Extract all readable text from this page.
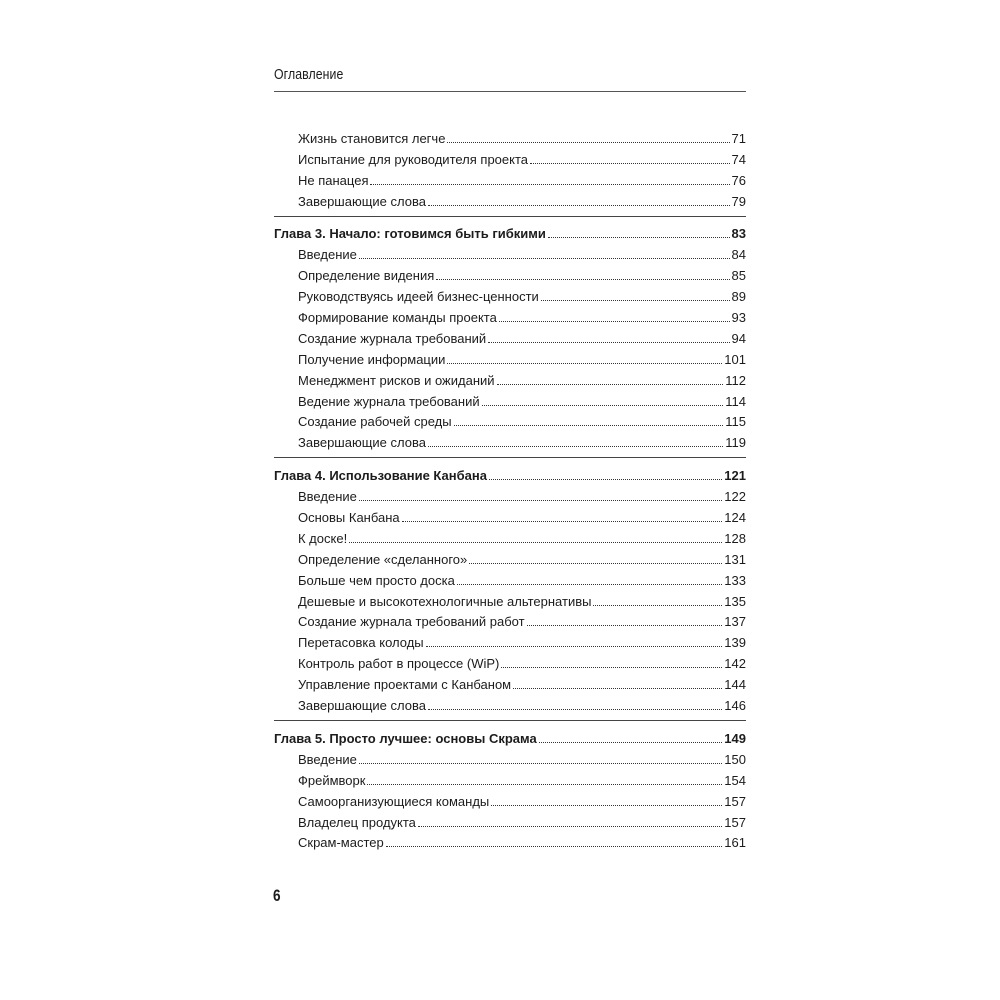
Оглавление
Жизнь становится легче	71
Испытание для руководителя проекта	74
Не панацея	76
Завершающие слова	79
Глава 3. Начало: готовимся быть гибкими	83
Введение	84
Определение видения	85
Руководствуясь идеей бизнес-ценности	89
Формирование команды проекта	93
Создание журнала требований	94
Получение информации	101
Менеджмент рисков и ожиданий	112
Ведение журнала требований	114
Создание рабочей среды	115
Завершающие слова	119
Глава 4. Использование Канбана	121
Введение	122
Основы Канбана	124
К доске!	128
Определение «сделанного»	131
Больше чем просто доска	133
Дешевые и высокотехнологичные альтернативы	135
Создание журнала требований работ	137
Перетасовка колоды	139
Контроль работ в процессе (WiP)	142
Управление проектами с Канбаном	144
Завершающие слова	146
Глава 5. Просто лучшее: основы Скрама	149
Введение	150
Фреймворк	154
Самоорганизующиеся команды	157
Владелец продукта	157
Скрам-мастер	161
6
